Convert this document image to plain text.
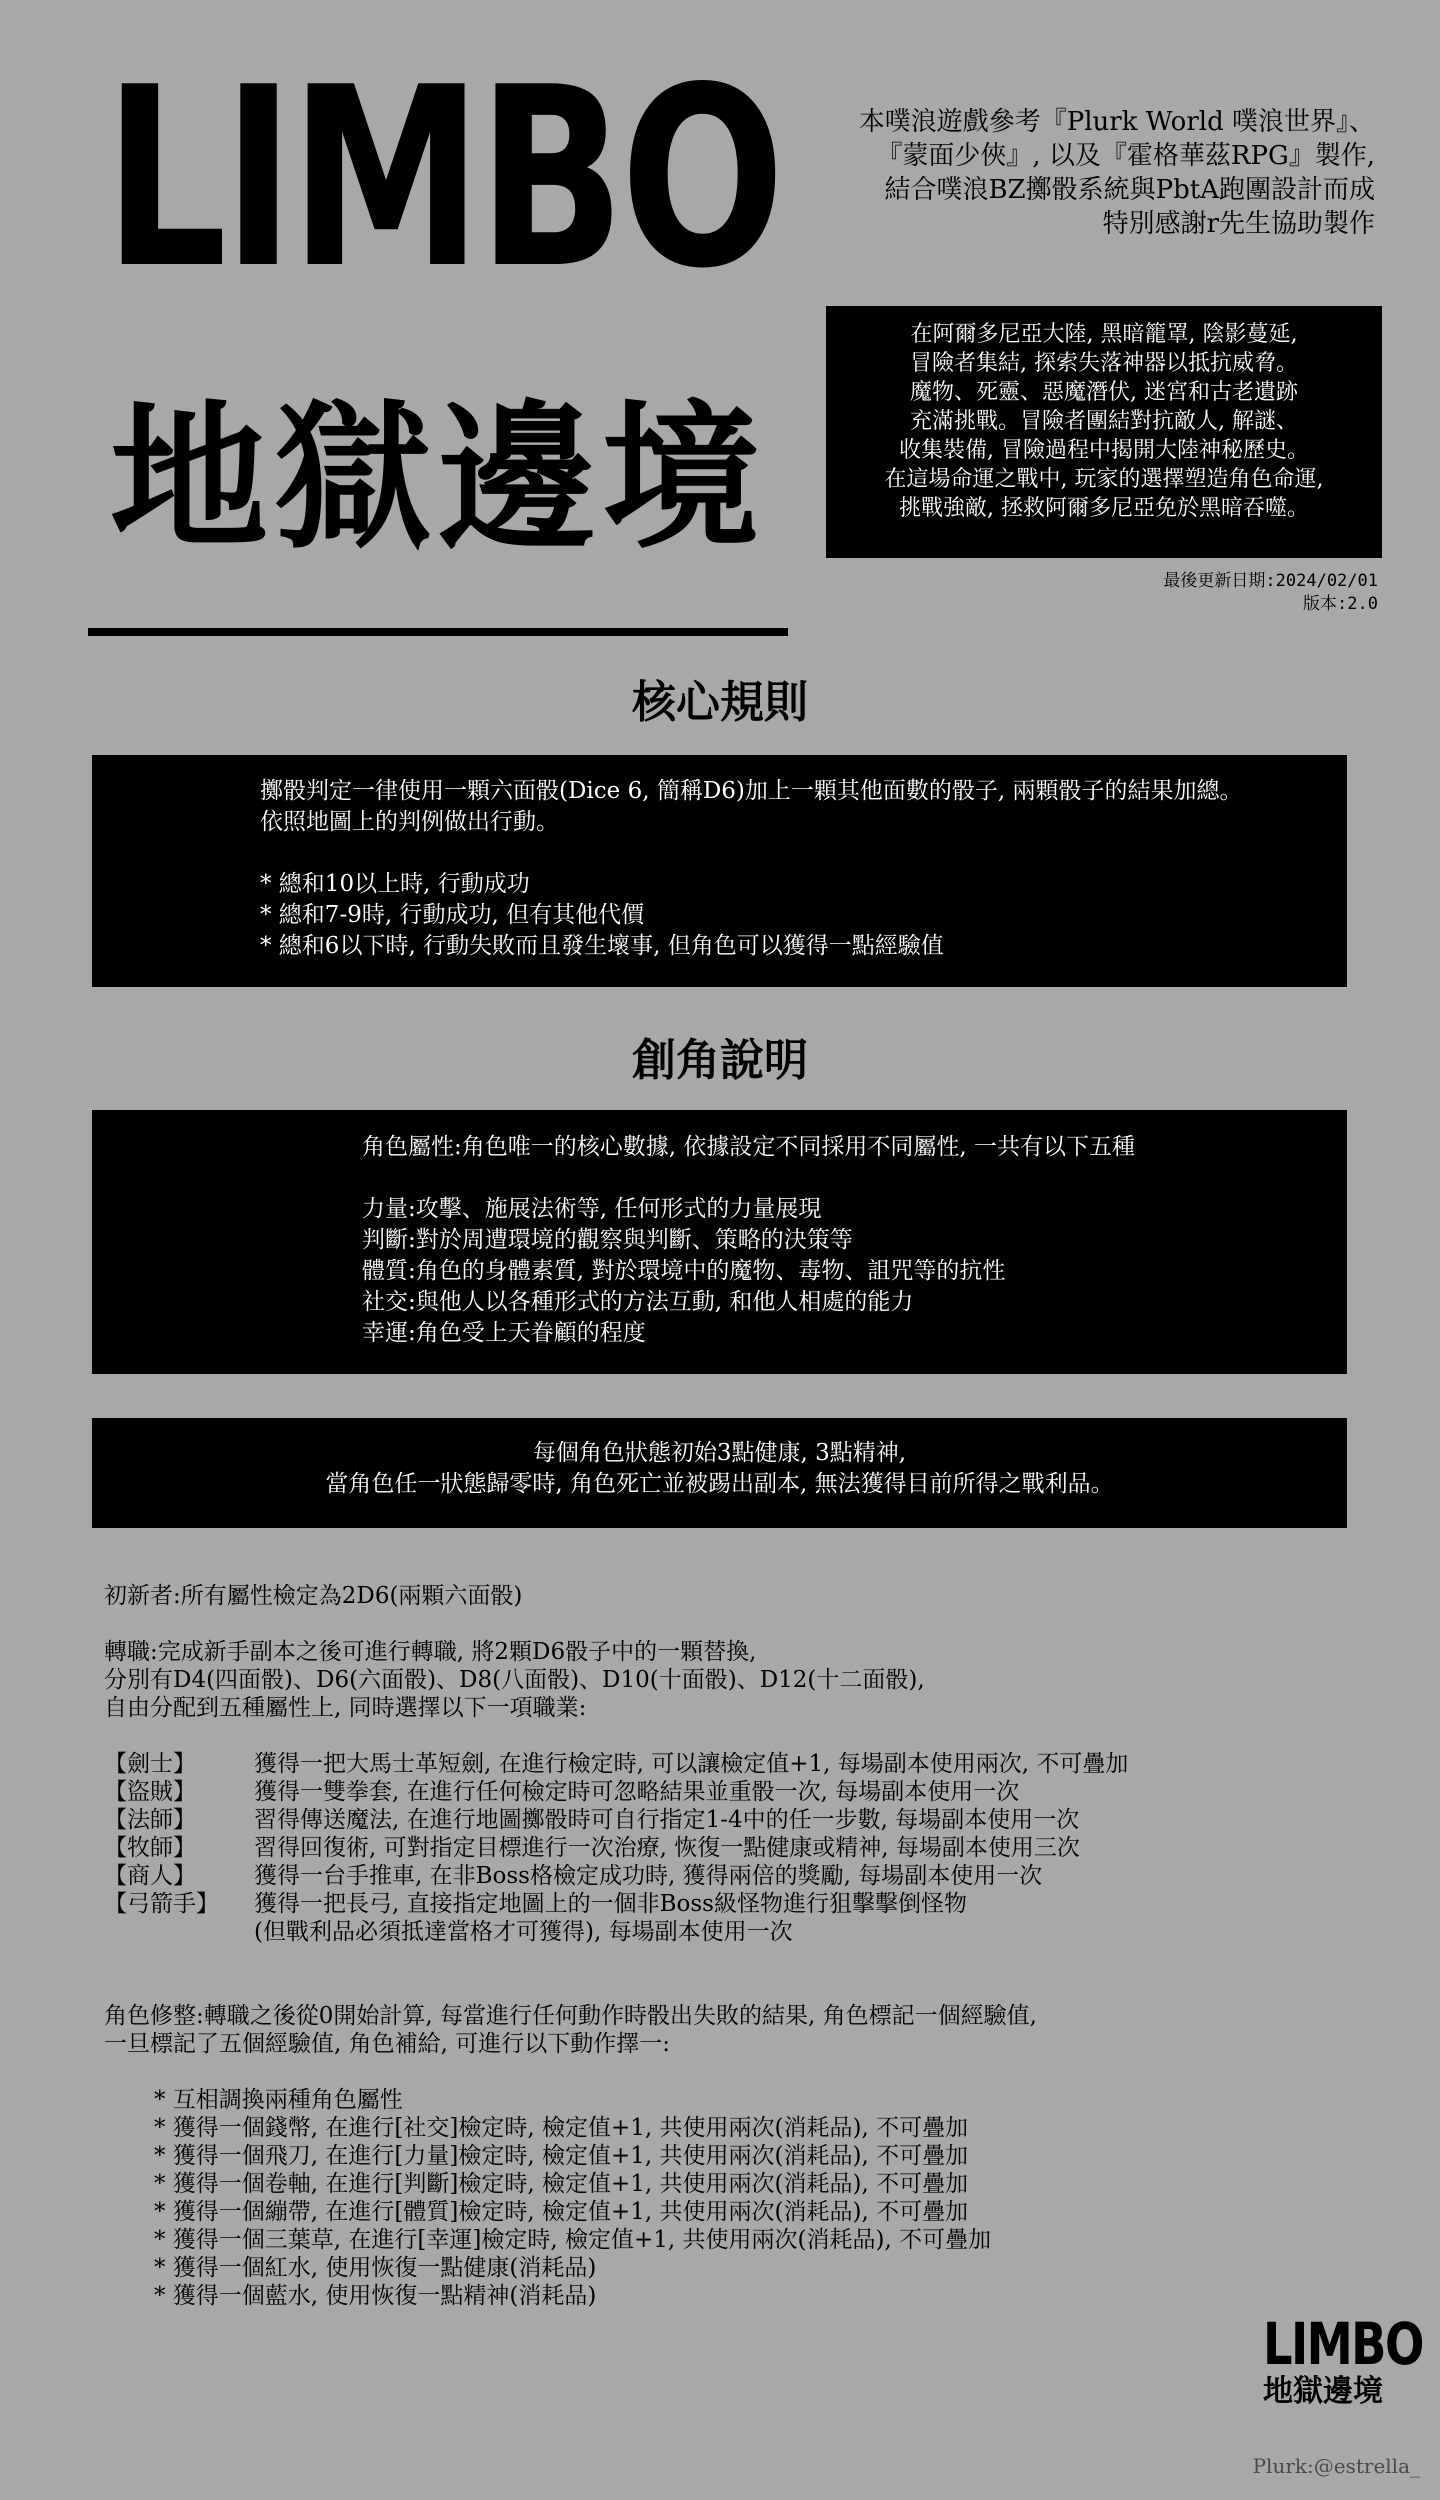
LIMBO
地獄邊境
本噗浪遊戲參考『Plurk World 噗浪世界』、
『蒙面少俠』, 以及『霍格華茲RPG』製作,
結合噗浪BZ擲骰系統與PbtA跑團設計而成
特別感謝r先生協助製作
在阿爾多尼亞大陸, 黑暗籠罩, 陰影蔓延,
冒險者集結, 探索失落神器以抵抗威脅。
魔物、死靈、惡魔潛伏, 迷宮和古老遺跡
充滿挑戰。冒險者團結對抗敵人, 解謎、
收集裝備, 冒險過程中揭開大陸神秘歷史。
在這場命運之戰中, 玩家的選擇塑造角色命運,
挑戰強敵, 拯救阿爾多尼亞免於黑暗吞噬。
最後更新日期:2024/02/01
版本:2.0
核心規則
擲骰判定一律使用一顆六面骰(Dice 6, 簡稱D6)加上一顆其他面數的骰子, 兩顆骰子的結果加總。
依照地圖上的判例做出行動。
* 總和10以上時, 行動成功
* 總和7-9時, 行動成功, 但有其他代價
* 總和6以下時, 行動失敗而且發生壞事, 但角色可以獲得一點經驗值
創角說明
角色屬性:角色唯一的核心數據, 依據設定不同採用不同屬性, 一共有以下五種
力量:攻擊、施展法術等, 任何形式的力量展現
判斷:對於周遭環境的觀察與判斷、策略的決策等
體質:角色的身體素質, 對於環境中的魔物、毒物、詛咒等的抗性
社交:與他人以各種形式的方法互動, 和他人相處的能力
幸運:角色受上天眷顧的程度
每個角色狀態初始3點健康, 3點精神,
當角色任一狀態歸零時, 角色死亡並被踢出副本, 無法獲得目前所得之戰利品。
初新者:所有屬性檢定為2D6(兩顆六面骰)
轉職:完成新手副本之後可進行轉職, 將2顆D6骰子中的一顆替換,
分別有D4(四面骰)、D6(六面骰)、D8(八面骰)、D10(十面骰)、D12(十二面骰),
自由分配到五種屬性上, 同時選擇以下一項職業:
【劍士】	獲得一把大馬士革短劍, 在進行檢定時, 可以讓檢定值+1, 每場副本使用兩次, 不可疊加
【盜賊】	獲得一雙拳套, 在進行任何檢定時可忽略結果並重骰一次, 每場副本使用一次
【法師】	習得傳送魔法, 在進行地圖擲骰時可自行指定1-4中的任一步數, 每場副本使用一次
【牧師】	習得回復術, 可對指定目標進行一次治療, 恢復一點健康或精神, 每場副本使用三次
【商人】	獲得一台手推車, 在非Boss格檢定成功時, 獲得兩倍的獎勵, 每場副本使用一次
【弓箭手】	獲得一把長弓, 直接指定地圖上的一個非Boss級怪物進行狙擊擊倒怪物
(但戰利品必須抵達當格才可獲得), 每場副本使用一次
角色修整:轉職之後從0開始計算, 每當進行任何動作時骰出失敗的結果, 角色標記一個經驗值,
一旦標記了五個經驗值, 角色補給, 可進行以下動作擇一:
* 互相調換兩種角色屬性
* 獲得一個錢幣, 在進行[社交]檢定時, 檢定值+1, 共使用兩次(消耗品), 不可疊加
* 獲得一個飛刀, 在進行[力量]檢定時, 檢定值+1, 共使用兩次(消耗品), 不可疊加
* 獲得一個卷軸, 在進行[判斷]檢定時, 檢定值+1, 共使用兩次(消耗品), 不可疊加
* 獲得一個繃帶, 在進行[體質]檢定時, 檢定值+1, 共使用兩次(消耗品), 不可疊加
* 獲得一個三葉草, 在進行[幸運]檢定時, 檢定值+1, 共使用兩次(消耗品), 不可疊加
* 獲得一個紅水, 使用恢復一點健康(消耗品)
* 獲得一個藍水, 使用恢復一點精神(消耗品)
LIMBO
地獄邊境
Plurk:@estrella_
